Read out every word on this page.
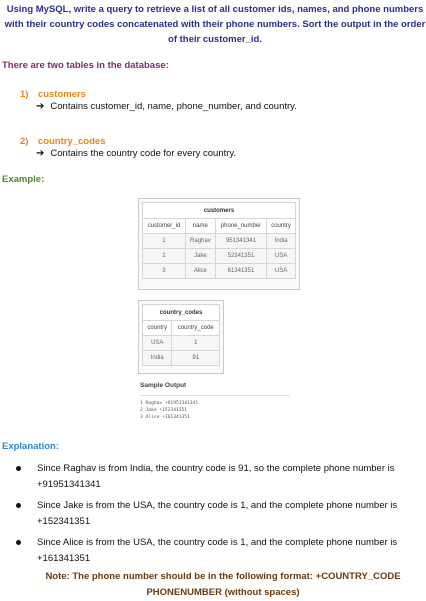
Using MySQL, write a query to retrieve a list of all customer ids, names, and phone numbers with their country codes concatenated with their phone numbers. Sort the output in the order of their customer_id.
There are two tables in the database:
1) customers
➔ Contains customer_id, name, phone_number, and country.
2) country_codes
➔ Contains the country code for every country.
Example:
customers			
customer_id	name	phone_number	country
1	Raghav	951341341	India
2	Jake	52341351	USA
3	Alice	61341351	USA
country_codes	
country	country_code
USA	1
India	91
Sample Output
1 Raghav +91951341341
2 Jake +152341351
3 Alice +161341351
Explanation:
Since Raghav is from India, the country code is 91, so the complete phone number is +91951341341
Since Jake is from the USA, the country code is 1, and the complete phone number is +152341351
Since Alice is from the USA, the country code is 1, and the complete phone number is +161341351
Note: The phone number should be in the following format: +COUNTRY_CODE PHONENUMBER (without spaces)
